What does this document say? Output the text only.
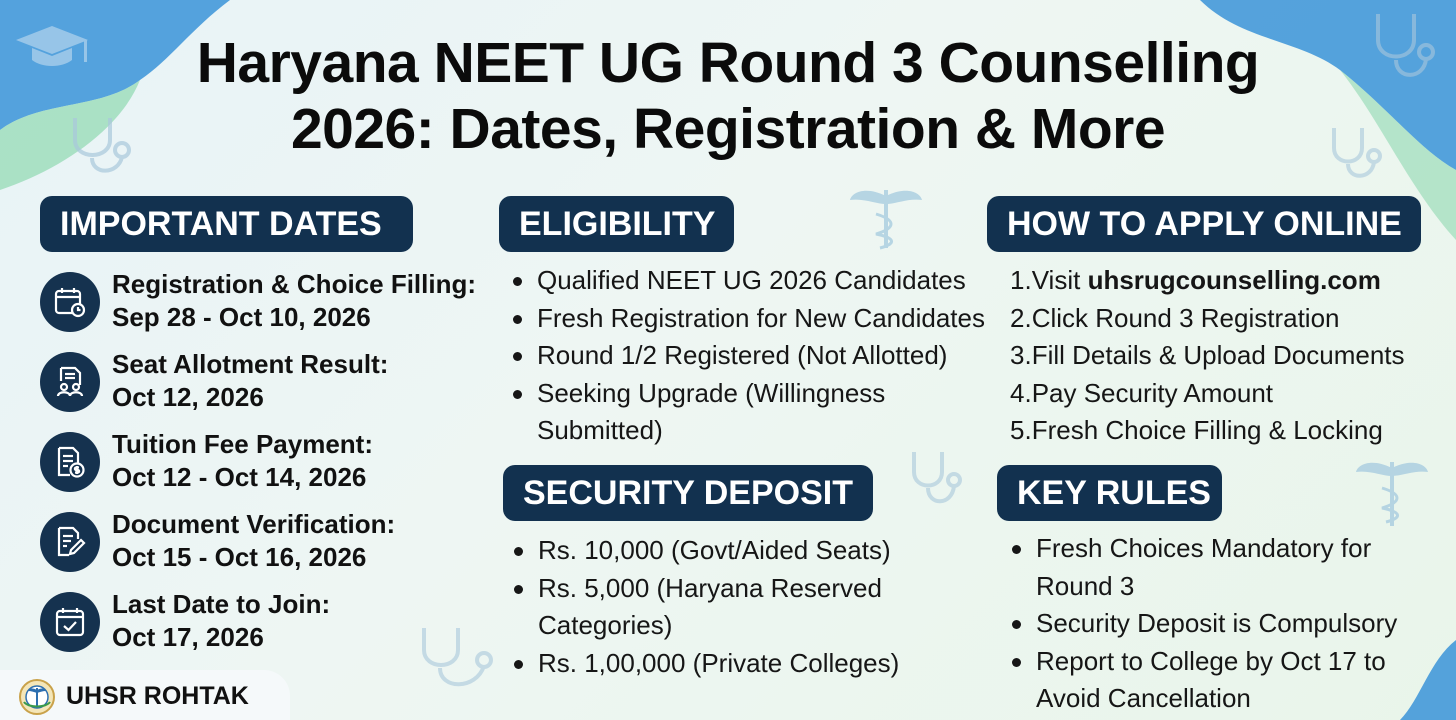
Haryana NEET UG Round 3 Counselling
2026: Dates, Registration & More
IMPORTANT DATES
Registration & Choice Filling:
Sep 28 - Oct 10, 2026
Seat Allotment Result:
Oct 12, 2026
Tuition Fee Payment:
Oct 12 - Oct 14, 2026
Document Verification:
Oct 15 - Oct 16, 2026
Last Date to Join:
Oct 17, 2026
ELIGIBILITY
Qualified NEET UG 2026 Candidates
Fresh Registration for New Candidates
Round 1/2 Registered (Not Allotted)
Seeking Upgrade (Willingness
Submitted)
SECURITY DEPOSIT
Rs. 10,000 (Govt/Aided Seats)
Rs. 5,000 (Haryana Reserved
Categories)
Rs. 1,00,000 (Private Colleges)
HOW TO APPLY ONLINE
1.Visit uhsrugcounselling.com
2.Click Round 3 Registration
3.Fill Details & Upload Documents
4.Pay Security Amount
5.Fresh Choice Filling & Locking
KEY RULES
Fresh Choices Mandatory for
Round 3
Security Deposit is Compulsory
Report to College by Oct 17 to
Avoid Cancellation
UHSR ROHTAK
